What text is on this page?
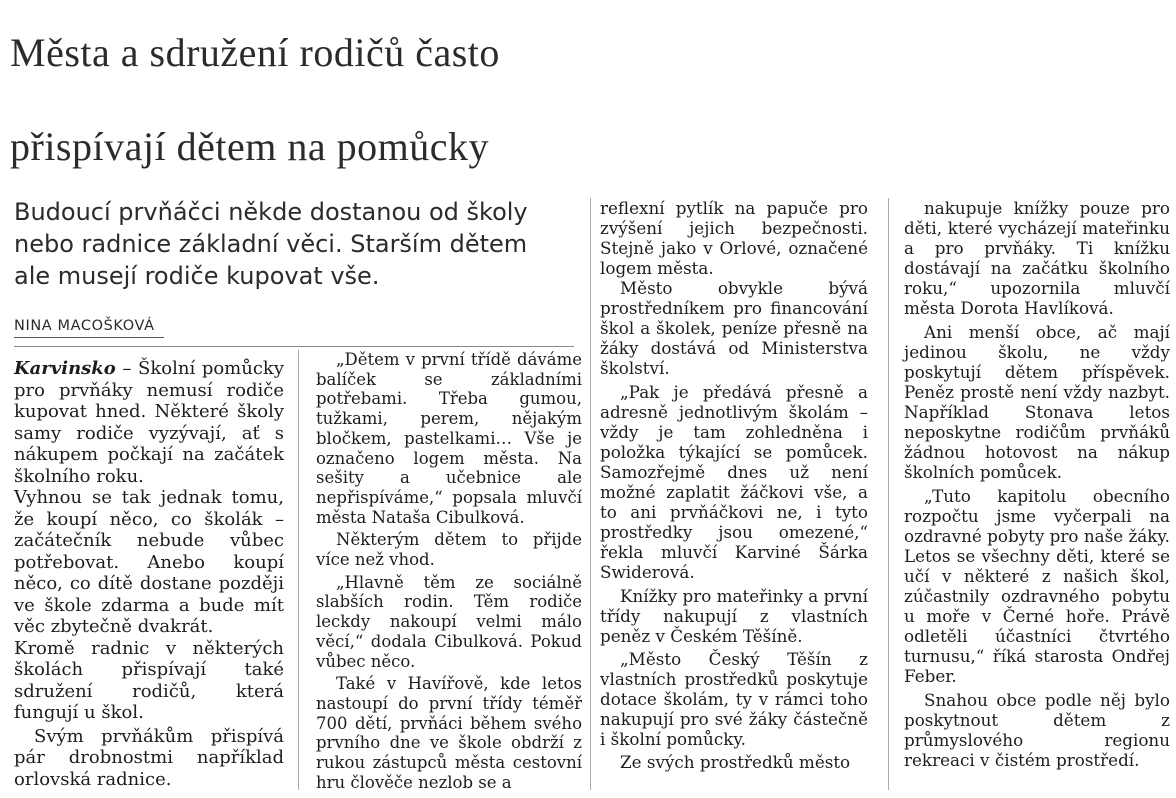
Města a sdružení rodičů často
přispívají dětem na pomůcky
Budoucí prvňáčci někde dostanou od školy
nebo radnice základní věci. Starším dětem
ale musejí rodiče kupovat vše.
NINA MACOŠKOVÁ

Karvinsko – Školní pomůcky pro prvňáky nemusí rodiče kupovat hned. Některé školy samy rodiče vyzývají, ať s nákupem počkají na začátek školního roku.

Vyhnou se tak jednak tomu, že koupí něco, co školák – začátečník nebude vůbec potřebovat. Anebo koupí něco, co dítě dostane později ve škole zdarma a bude mít věc zbytečně dvakrát.

Kromě radnic v některých školách přispívají také sdružení rodičů, která fungují u škol.

Svým prvňákům přispívá pár drobnostmi například orlovská radnice.

„Dětem v první třídě dáváme balíček se základními potřebami. Třeba gumou, tužkami, perem, nějakým bločkem, pastelkami… Vše je označeno logem města. Na sešity a učebnice ale nepřispíváme,“ popsala mluvčí města Nataša Cibulková.

Některým dětem to přijde více než vhod.

„Hlavně těm ze sociálně slabších rodin. Těm rodiče leckdy nakoupí velmi málo věcí,“ dodala Cibulková. Pokud vůbec něco.

Také v Havířově, kde letos nastoupí do první třídy téměř 700 dětí, prvňáci během svého prvního dne ve škole obdrží z rukou zástupců města cestovní hru člověče nezlob se a

reflexní pytlík na papuče pro zvýšení jejich bezpečnosti. Stejně jako v Orlové, označené logem města.

Město obvykle bývá prostředníkem pro financování škol a školek, peníze přesně na žáky dostává od Ministerstva školství.

„Pak je předává přesně a adresně jednotlivým školám – vždy je tam zohledněna i položka týkající se pomůcek. Samozřejmě dnes už není možné zaplatit žáčkovi vše, a to ani prvňáčkovi ne, i tyto prostředky jsou omezené,“ řekla mluvčí Karviné Šárka Swiderová.

Knížky pro mateřinky a první třídy nakupují z vlastních peněz v Českém Těšíně.

„Město Český Těšín z vlastních prostředků poskytuje dotace školám, ty v rámci toho nakupují pro své žáky částečně i školní pomůcky.

Ze svých prostředků město

nakupuje knížky pouze pro děti, které vycházejí mateřinku a pro prvňáky. Ti knížku dostávají na začátku školního roku,“ upozornila mluvčí města Dorota Havlíková.

Ani menší obce, ač mají jedinou školu, ne vždy poskytují dětem příspěvek. Peněz prostě není vždy nazbyt. Například Stonava letos neposkytne rodičům prvňáků žádnou hotovost na nákup školních pomůcek.

„Tuto kapitolu obecního rozpočtu jsme vyčerpali na ozdravné pobyty pro naše žáky. Letos se všechny děti, které se učí v některé z našich škol, zúčastnily ozdravného pobytu u moře v Černé hoře. Právě odletěli účastníci čtvrtého turnusu,“ říká starosta Ondřej Feber.

Snahou obce podle něj bylo poskytnout dětem z průmyslového regionu rekreaci v čistém prostředí.
